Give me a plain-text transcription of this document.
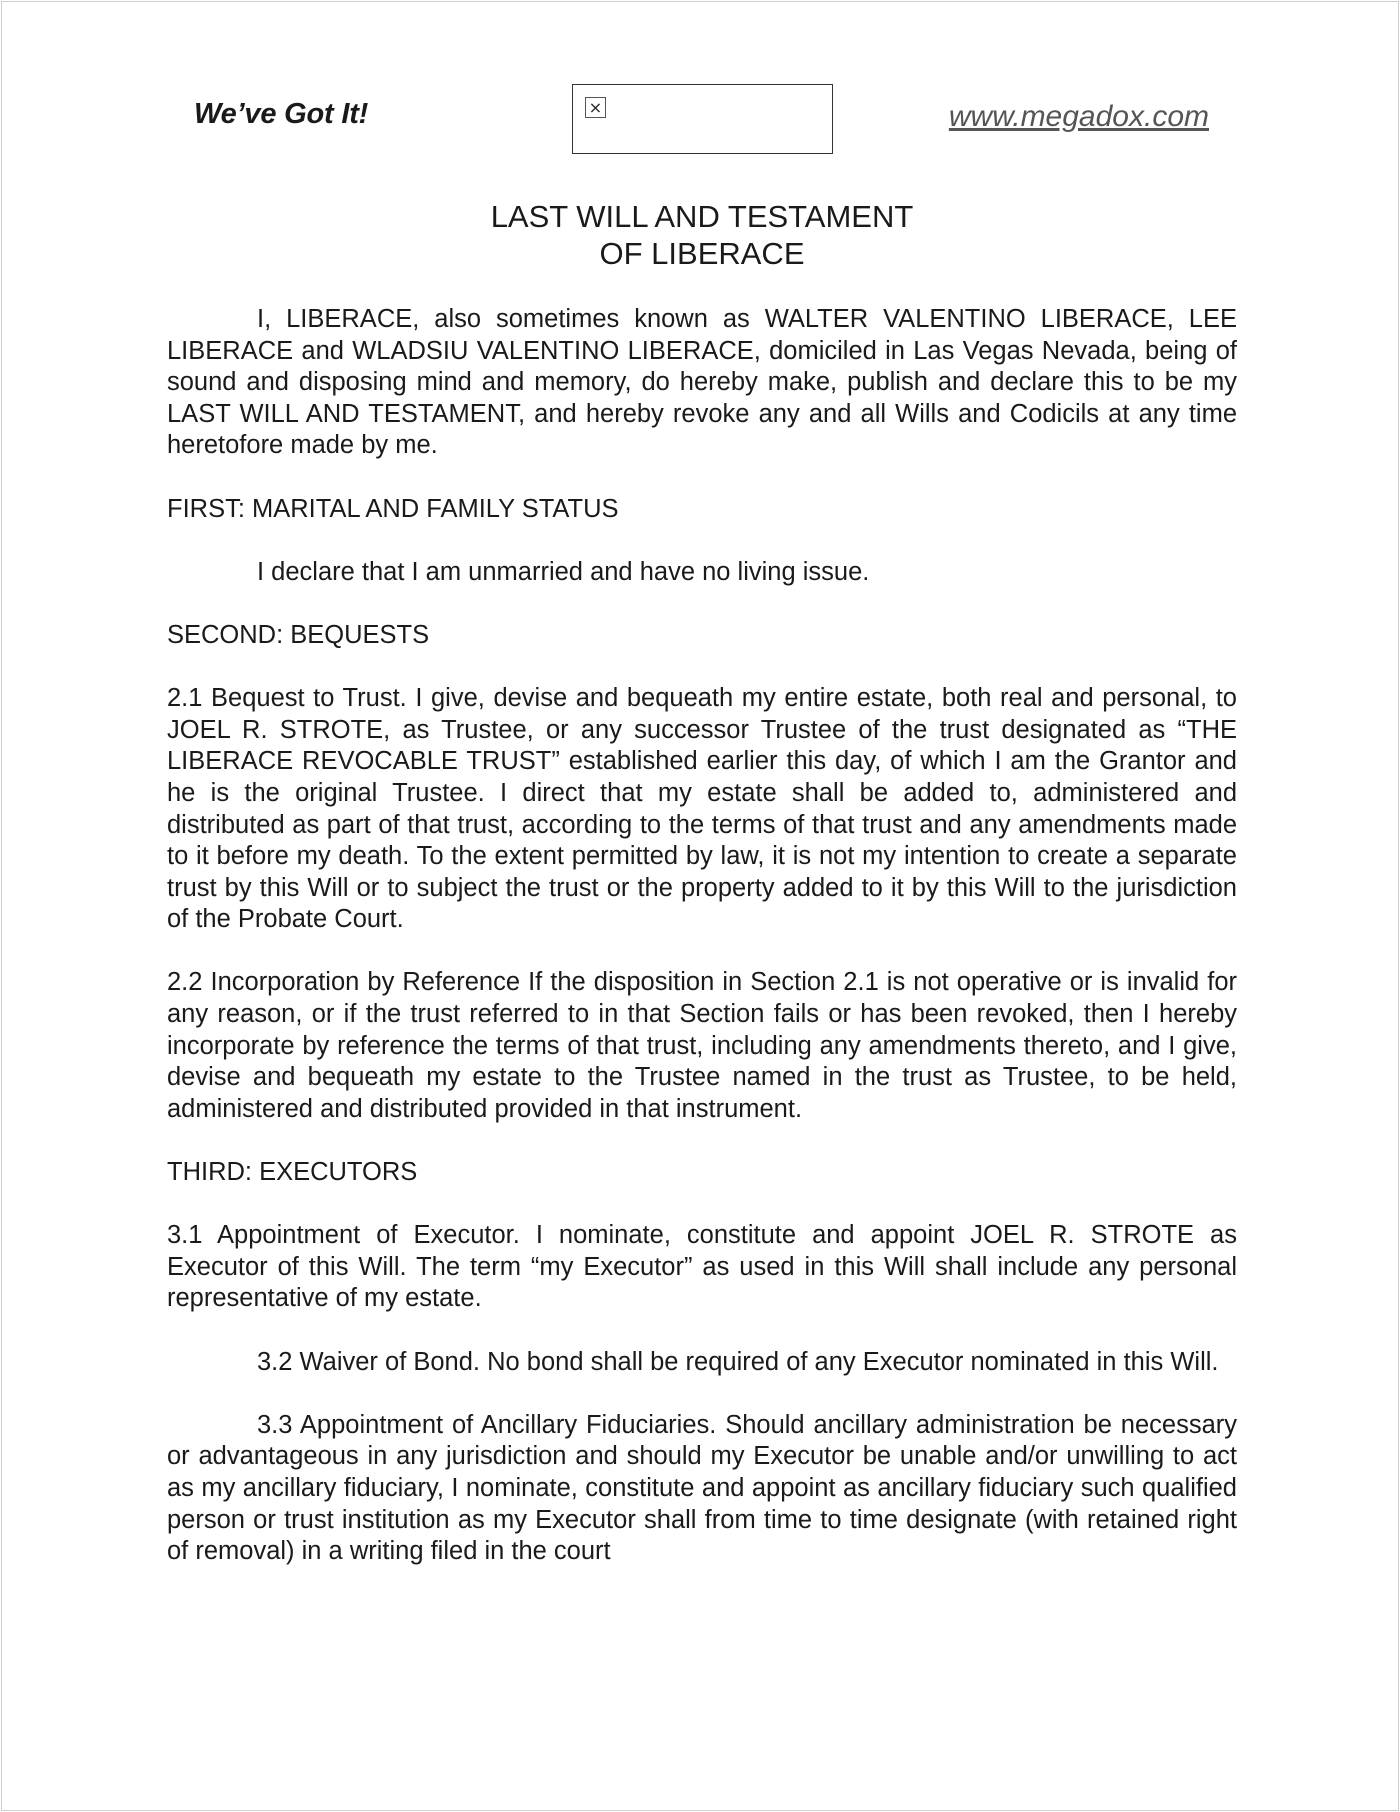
We’ve Got It!	×	www.megadox.com
LAST WILL AND TESTAMENT
OF LIBERACE

I, LIBERACE, also sometimes known as WALTER VALENTINO LIBERACE, LEE LIBERACE and WLADSIU VALENTINO LIBERACE, domiciled in Las Vegas Nevada, being of sound and disposing mind and memory, do hereby make, publish and declare this to be my LAST WILL AND TESTAMENT, and hereby revoke any and all Wills and Codicils at any time heretofore made by me.

FIRST: MARITAL AND FAMILY STATUS

I declare that I am unmarried and have no living issue.

SECOND: BEQUESTS

2.1 Bequest to Trust. I give, devise and bequeath my entire estate, both real and personal, to JOEL R. STROTE, as Trustee, or any successor Trustee of the trust designated as “THE LIBERACE REVOCABLE TRUST” established earlier this day, of which I am the Grantor and he is the original Trustee. I direct that my estate shall be added to, administered and distributed as part of that trust, according to the terms of that trust and any amendments made to it before my death. To the extent permitted by law, it is not my intention to create a separate trust by this Will or to subject the trust or the property added to it by this Will to the jurisdiction of the Probate Court.

2.2 Incorporation by Reference If the disposition in Section 2.1 is not operative or is invalid for any reason, or if the trust referred to in that Section fails or has been revoked, then I hereby incorporate by reference the terms of that trust, including any amendments thereto, and I give, devise and bequeath my estate to the Trustee named in the trust as Trustee, to be held, administered and distributed provided in that instrument.

THIRD: EXECUTORS

3.1 Appointment of Executor. I nominate, constitute and appoint JOEL R. STROTE as Executor of this Will. The term “my Executor” as used in this Will shall include any personal representative of my estate.

3.2 Waiver of Bond. No bond shall be required of any Executor nominated in this Will.

3.3 Appointment of Ancillary Fiduciaries. Should ancillary administration be necessary or advantageous in any jurisdiction and should my Executor be unable and/or unwilling to act as my ancillary fiduciary, I nominate, constitute and appoint as ancillary fiduciary such qualified person or trust institution as my Executor shall from time to time designate (with retained right of removal) in a writing filed in the court
